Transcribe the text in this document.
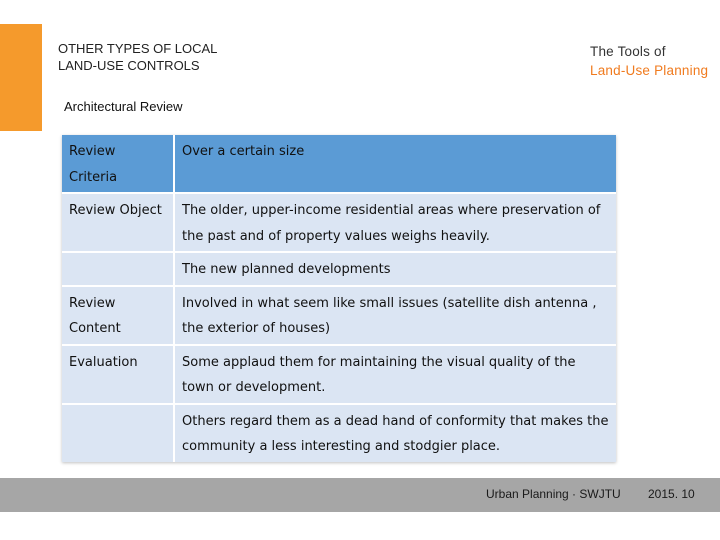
OTHER TYPES OF LOCAL LAND-USE CONTROLS
The Tools of
Land-Use Planning
Architectural Review
Review Criteria
Over a certain size
Review Object	The older, upper-income residential areas where preservation of the past and of property values weighs heavily.
The new planned developments
Review Content
Involved in what seem like small issues (satellite dish antenna , the exterior of houses)
Evaluation	Some applaud them for maintaining the visual quality of the town or development.
Others regard them as a dead hand of conformity that makes the community a less interesting and stodgier place.
Urban Planning · SWJTU 2015. 10
